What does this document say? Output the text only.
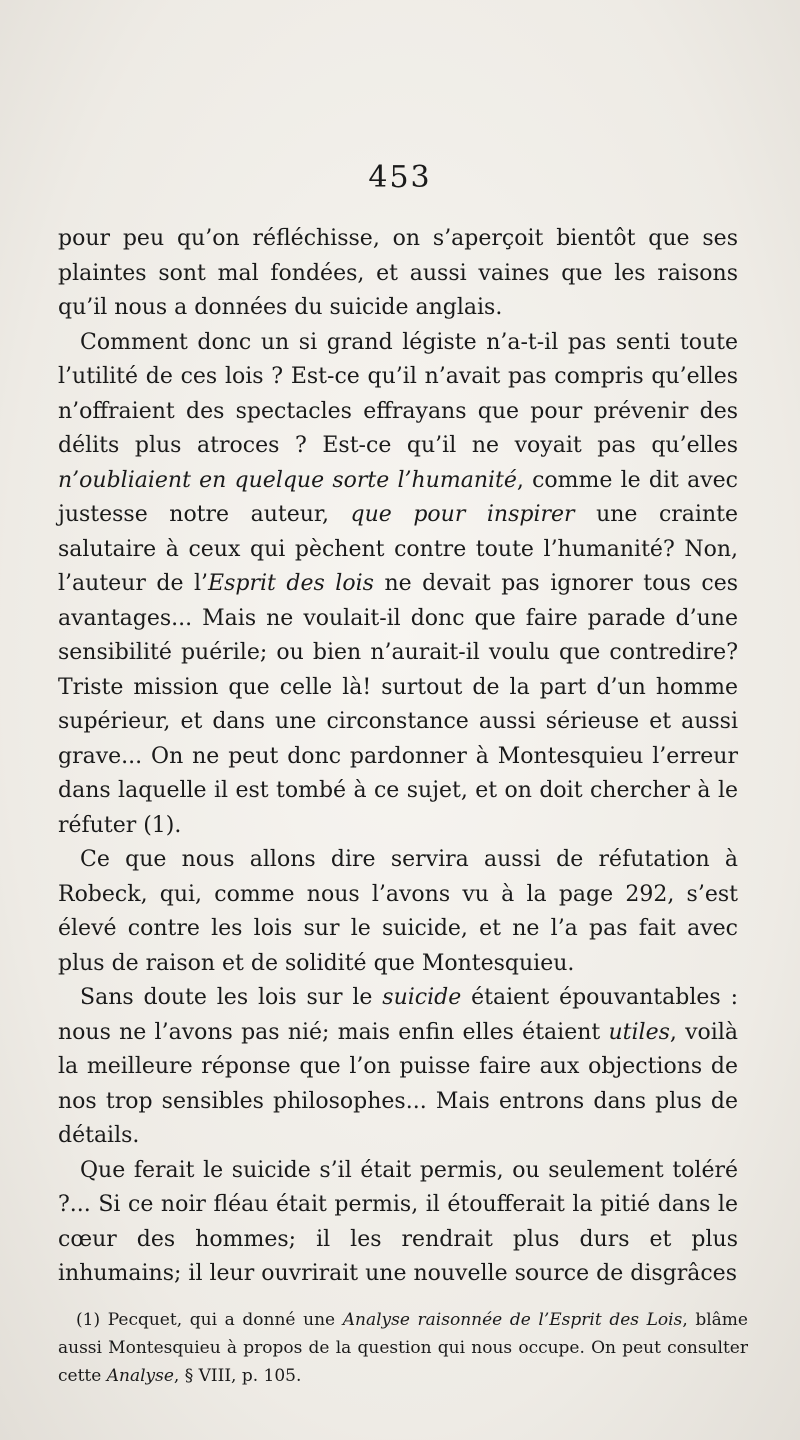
453

pour peu qu’on réfléchisse, on s’aperçoit bientôt que ses plaintes sont mal fondées, et aussi vaines que les raisons qu’il nous a données du suicide anglais.

Comment donc un si grand légiste n’a-t-il pas senti toute l’utilité de ces lois ? Est-ce qu’il n’avait pas compris qu’elles n’offraient des spectacles effrayans que pour prévenir des délits plus atroces ? Est-ce qu’il ne voyait pas qu’elles n’oubliaient en quelque sorte l’humanité, comme le dit avec justesse notre auteur, que pour inspirer une crainte salutaire à ceux qui pèchent contre toute l’humanité? Non, l’auteur de l’Esprit des lois ne devait pas ignorer tous ces avantages... Mais ne voulait-il donc que faire parade d’une sensibilité puérile; ou bien n’aurait-il voulu que contredire? Triste mission que celle là! surtout de la part d’un homme supérieur, et dans une circonstance aussi sérieuse et aussi grave... On ne peut donc pardonner à Montesquieu l’erreur dans laquelle il est tombé à ce sujet, et on doit chercher à le réfuter (1).

Ce que nous allons dire servira aussi de réfutation à Robeck, qui, comme nous l’avons vu à la page 292, s’est élevé contre les lois sur le suicide, et ne l’a pas fait avec plus de raison et de solidité que Montesquieu.

Sans doute les lois sur le suicide étaient épouvantables : nous ne l’avons pas nié; mais enfin elles étaient utiles, voilà la meilleure réponse que l’on puisse faire aux objections de nos trop sensibles philosophes... Mais entrons dans plus de détails.

Que ferait le suicide s’il était permis, ou seulement toléré ?... Si ce noir fléau était permis, il étoufferait la pitié dans le cœur des hommes; il les rendrait plus durs et plus inhumains; il leur ouvrirait une nouvelle source de disgrâces

(1) Pecquet, qui a donné une Analyse raisonnée de l’Esprit des Lois, blâme aussi Montesquieu à propos de la question qui nous occupe. On peut consulter cette Analyse, § VIII, p. 105.
